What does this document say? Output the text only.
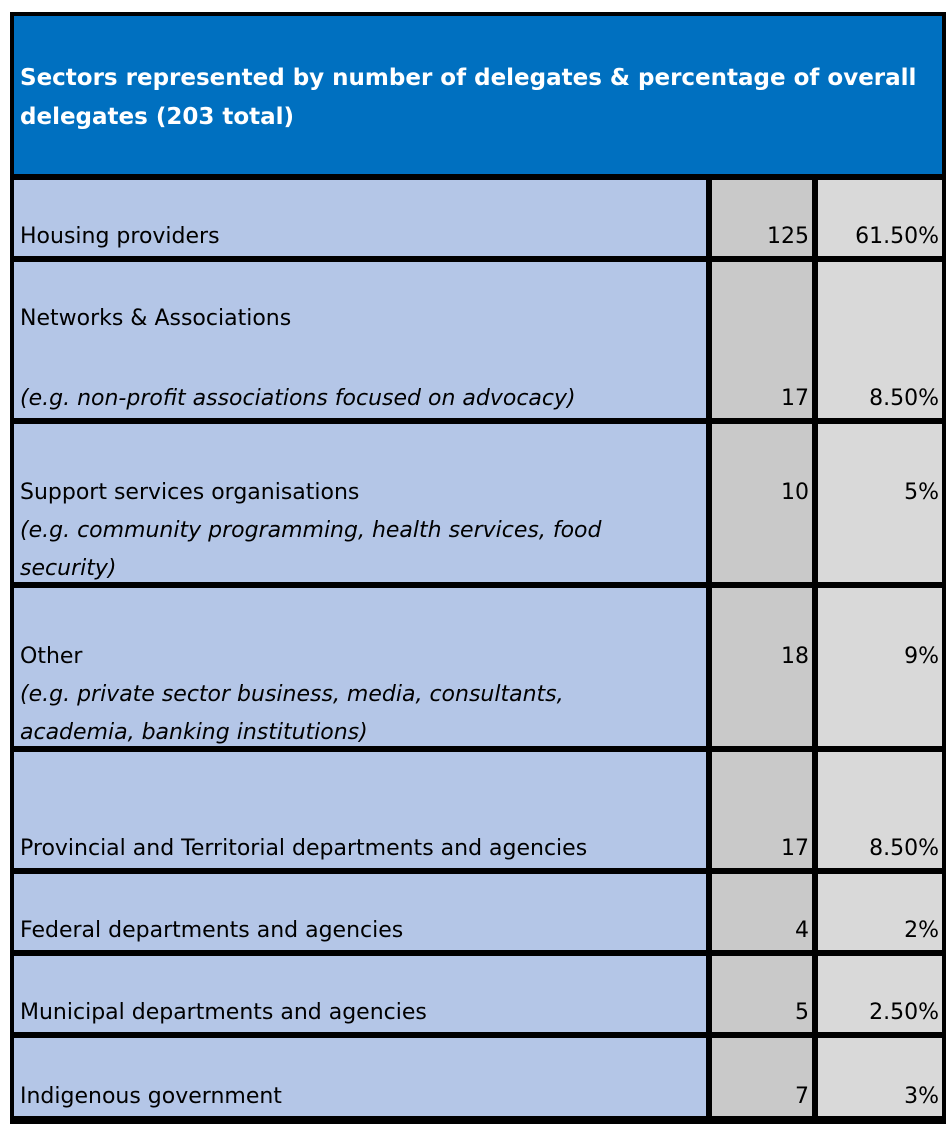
Sectors represented by number of delegates & percentage of overall delegates (203 total)
Housing providers	125	61.50%
Networks & Associations
(e.g. non-profit associations focused on advocacy)	17	8.50%
Support services organisations
(e.g. community programming, health services, food security)
10	5%
Other
(e.g. private sector business, media, consultants, academia, banking institutions)
18	9%
Provincial and Territorial departments and agencies	17	8.50%
Federal departments and agencies	4	2%
Municipal departments and agencies	5	2.50%
Indigenous government	7	3%
